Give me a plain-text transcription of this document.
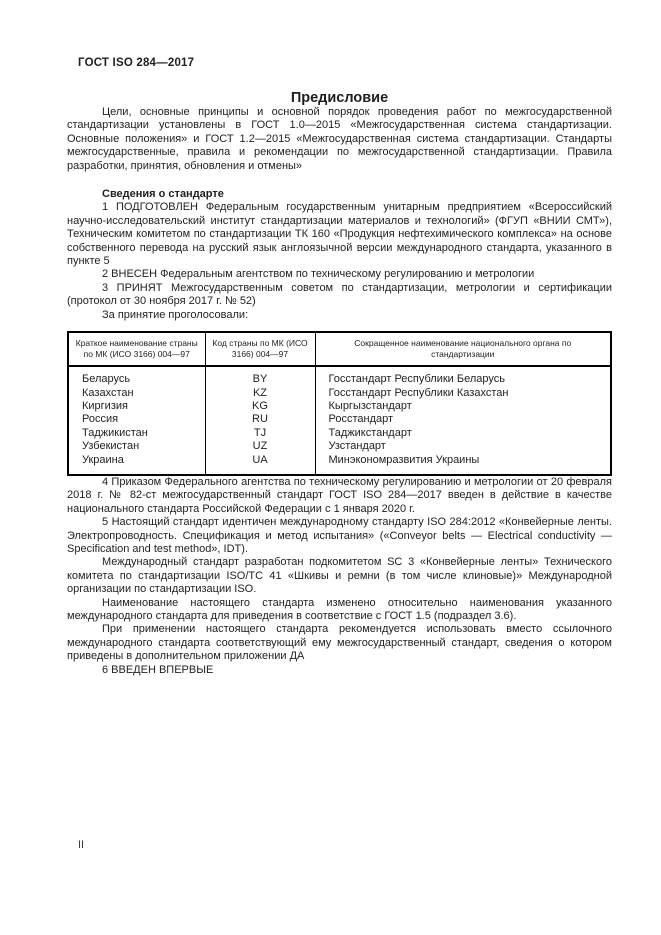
ГОСТ ISO 284—2017
Предисловие

Цели, основные принципы и основной порядок проведения работ по межгосударственной стандартизации установлены в ГОСТ 1.0—2015 «Межгосударственная система стандартизации. Основные положения» и ГОСТ 1.2—2015 «Межгосударственная система стандартизации. Стандарты межгосударственные, правила и рекомендации по межгосударственной стандартизации. Правила разработки, принятия, обновления и отмены»

Сведения о стандарте

1 ПОДГОТОВЛЕН Федеральным государственным унитарным предприятием «Всероссийский научно-исследовательский институт стандартизации материалов и технологий» (ФГУП «ВНИИ СМТ»), Техническим комитетом по стандартизации ТК 160 «Продукция нефтехимического комплекса» на основе собственного перевода на русский язык англоязычной версии международного стандарта, указанного в пункте 5

2 ВНЕСЕН Федеральным агентством по техническому регулированию и метрологии

3 ПРИНЯТ Межгосударственным советом по стандартизации, метрологии и сертификации (протокол от 30 ноября 2017 г. № 52)

За принятие проголосовали:

Краткое наименование страны по МК (ИСО 3166) 004—97	Код страны по МК (ИСО 3166) 004—97	Сокращенное наименование национального органа по стандартизации
Беларусь	BY	Госстандарт Республики Беларусь
Казахстан	KZ	Госстандарт Республики Казахстан
Киргизия	KG	Кыргызстандарт
Россия	RU	Росстандарт
Таджикистан	TJ	Таджикстандарт
Узбекистан	UZ	Узстандарт
Украина	UA	Минэкономразвития Украины

4 Приказом Федерального агентства по техническому регулированию и метрологии от 20 февраля 2018 г. № 82-ст межгосударственный стандарт ГОСТ ISO 284—2017 введен в действие в качестве национального стандарта Российской Федерации с 1 января 2020 г.

5 Настоящий стандарт идентичен международному стандарту ISO 284:2012 «Конвейерные ленты. Электропроводность. Спецификация и метод испытания» («Conveyor belts — Electrical conductivity — Specification and test method», IDT).

Международный стандарт разработан подкомитетом SC 3 «Конвейерные ленты» Технического комитета по стандартизации ISO/TC 41 «Шкивы и ремни (в том числе клиновые)» Международной организации по стандартизации ISO.

Наименование настоящего стандарта изменено относительно наименования указанного международного стандарта для приведения в соответствие с ГОСТ 1.5 (подраздел 3.6).

При применении настоящего стандарта рекомендуется использовать вместо ссылочного международного стандарта соответствующий ему межгосударственный стандарт, сведения о котором приведены в дополнительном приложении ДА

6 ВВЕДЕН ВПЕРВЫЕ

II
